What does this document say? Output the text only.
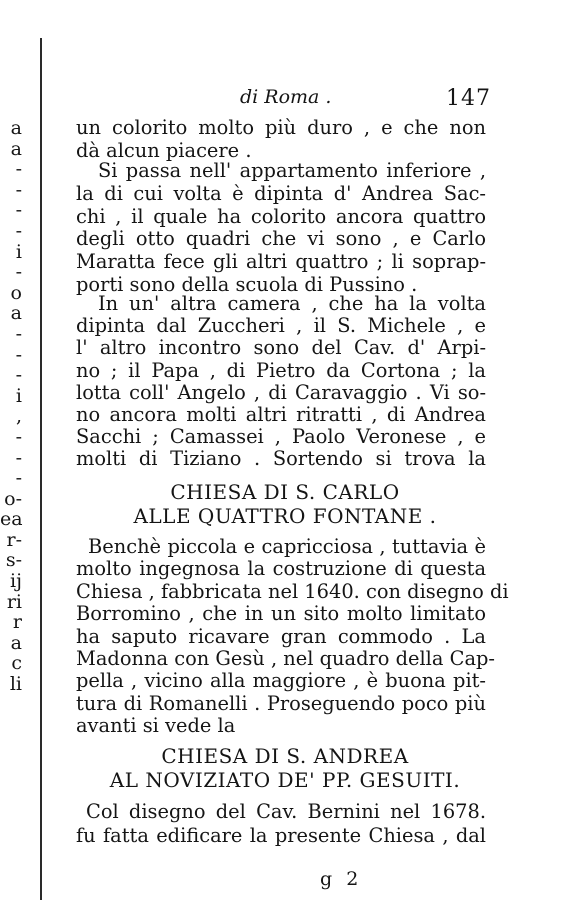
a
a
-
-
-
-
i
-
o
a
-
-
-
i
,
-
-
-
o-
ea
r-
s-
ij
ri
r
a
c
li
di Roma .	147
un colorito molto più duro , e che non
dà alcun piacere .
Si passa nell' appartamento inferiore ,
la di cui volta è dipinta d' Andrea Sac-
chi , il quale ha colorito ancora quattro
degli otto quadri che vi sono , e Carlo
Maratta fece gli altri quattro ; li soprap-
porti sono della scuola di Pussino .
In un' altra camera , che ha la volta
dipinta dal Zuccheri , il S. Michele , e
l' altro incontro sono del Cav. d' Arpi-
no ; il Papa , di Pietro da Cortona ; la
lotta coll' Angelo , di Caravaggio . Vi so-
no ancora molti altri ritratti , di Andrea
Sacchi ; Camassei , Paolo Veronese , e
molti di Tiziano . Sortendo si trova la
CHIESA DI S. CARLO
ALLE QUATTRO FONTANE .
Benchè piccola e capricciosa , tuttavia è
molto ingegnosa la costruzione di questa
Chiesa , fabbricata nel 1640. con disegno di
Borromino , che in un sito molto limitato
ha saputo ricavare gran commodo . La
Madonna con Gesù , nel quadro della Cap-
pella , vicino alla maggiore , è buona pit-
tura di Romanelli . Proseguendo poco più
avanti si vede la
CHIESA DI S. ANDREA
AL NOVIZIATO DE' PP. GESUITI.
Col disegno del Cav. Bernini nel 1678.
fu fatta edificare la presente Chiesa , dal
g 2
